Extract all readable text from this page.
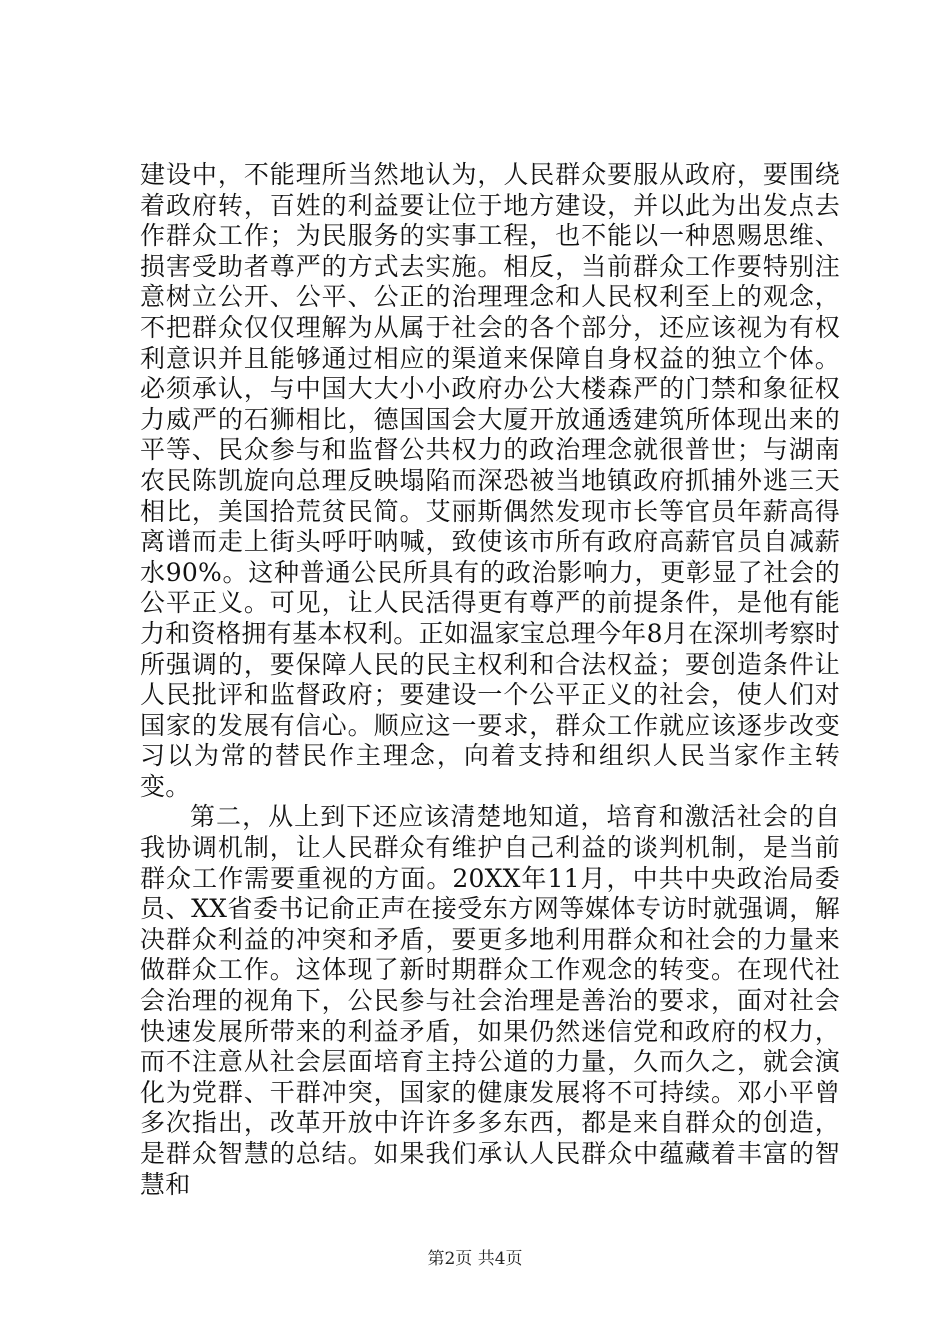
建设中，不能理所当然地认为，人民群众要服从政府，要围绕着政府转，百姓的利益要让位于地方建设，并以此为出发点去作群众工作；为民服务的实事工程，也不能以一种恩赐思维、损害受助者尊严的方式去实施。相反，当前群众工作要特别注意树立公开、公平、公正的治理理念和人民权利至上的观念，不把群众仅仅理解为从属于社会的各个部分，还应该视为有权利意识并且能够通过相应的渠道来保障自身权益的独立个体。必须承认，与中国大大小小政府办公大楼森严的门禁和象征权力威严的石狮相比，德国国会大厦开放通透建筑所体现出来的平等、民众参与和监督公共权力的政治理念就很普世；与湖南农民陈凯旋向总理反映塌陷而深恐被当地镇政府抓捕外逃三天相比，美国拾荒贫民简。艾丽斯偶然发现市长等官员年薪高得离谱而走上街头呼吁呐喊，致使该市所有政府高薪官员自减薪水90%。这种普通公民所具有的政治影响力，更彰显了社会的公平正义。可见，让人民活得更有尊严的前提条件，是他有能力和资格拥有基本权利。正如温家宝总理今年8月在深圳考察时所强调的，要保障人民的民主权利和合法权益；要创造条件让人民批评和监督政府；要建设一个公平正义的社会，使人们对国家的发展有信心。顺应这一要求，群众工作就应该逐步改变习以为常的替民作主理念，向着支持和组织人民当家作主转变。

第二，从上到下还应该清楚地知道，培育和激活社会的自我协调机制，让人民群众有维护自己利益的谈判机制，是当前群众工作需要重视的方面。20XX年11月，中共中央政治局委员、XX省委书记俞正声在接受东方网等媒体专访时就强调，解决群众利益的冲突和矛盾，要更多地利用群众和社会的力量来做群众工作。这体现了新时期群众工作观念的转变。在现代社会治理的视角下，公民参与社会治理是善治的要求，面对社会快速发展所带来的利益矛盾，如果仍然迷信党和政府的权力，而不注意从社会层面培育主持公道的力量，久而久之，就会演化为党群、干群冲突，国家的健康发展将不可持续。邓小平曾多次指出，改革开放中许许多多东西，都是来自群众的创造，是群众智慧的总结。如果我们承认人民群众中蕴藏着丰富的智慧和

第2页 共4页
